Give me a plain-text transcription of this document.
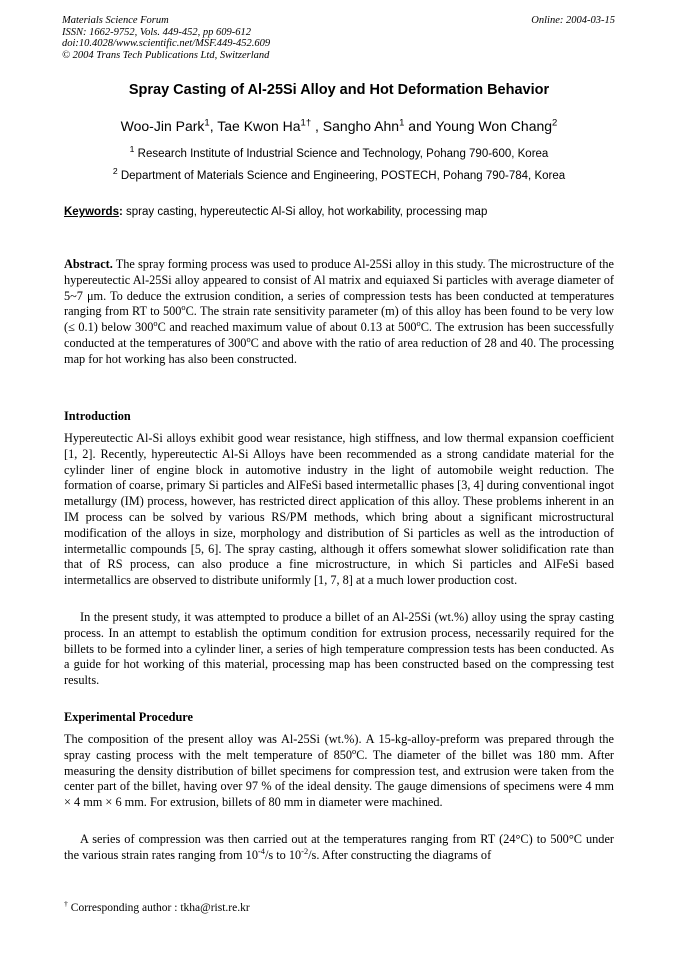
Materials Science Forum
ISSN: 1662-9752, Vols. 449-452, pp 609-612
doi:10.4028/www.scientific.net/MSF.449-452.609
© 2004 Trans Tech Publications Ltd, Switzerland
Online: 2004-03-15
Spray Casting of Al-25Si Alloy and Hot Deformation Behavior
Woo-Jin Park$^1$, Tae Kwon $Ha^{1\dagger}$ , Sangho Ahn$^1$ and Young Won Chang$^2$
$^1$ Research Institute of Industrial Science and Technology, Pohang 790-600, Korea
$^2$ Department of Materials Science and Engineering, POSTECH, Pohang 790-784, Korea
Keywords: spray casting, hypereutectic Al-Si alloy, hot workability, processing map
Abstract. The spray forming process was used to produce Al-25Si alloy in this study. The microstructure of the hypereutectic Al-25Si alloy appeared to consist of Al matrix and equiaxed Si particles with average diameter of 5~7 μm. To deduce the extrusion condition, a series of compression tests has been conducted at temperatures ranging from RT to 500$^o$C. The strain rate sensitivity parameter (m) of this alloy has been found to be very low (≤ 0.1) below 300$^o$C and reached maximum value of about 0.13 at 500$^o$C. The extrusion has been successfully conducted at the temperatures of 300$^o$C and above with the ratio of area reduction of 28 and 40. The processing map for hot working has also been constructed.
Introduction
Hypereutectic Al-Si alloys exhibit good wear resistance, high stiffness, and low thermal expansion coefficient [1, 2]. Recently, hypereutectic Al-Si Alloys have been recommended as a strong candidate material for the cylinder liner of engine block in automotive industry in the light of automobile weight reduction. The formation of coarse, primary Si particles and AlFeSi based intermetallic phases [3, 4] during conventional ingot metallurgy (IM) process, however, has restricted direct application of this alloy. These problems inherent in an IM process can be solved by various RS/PM methods, which bring about a significant microstructural modification of the alloys in size, morphology and distribution of Si particles as well as the introduction of intermetallic compounds [5, 6]. The spray casting, although it offers somewhat slower solidification rate than that of RS process, can also produce a fine microstructure, in which Si particles and AlFeSi based intermetallics are observed to distribute uniformly [1, 7, 8] at a much lower production cost.
In the present study, it was attempted to produce a billet of an Al-25Si (wt.%) alloy using the spray casting process. In an attempt to establish the optimum condition for extrusion process, necessarily required for the billets to be formed into a cylinder liner, a series of high temperature compression tests has been conducted. As a guide for hot working of this material, processing map has been constructed based on the compressing test results.
Experimental Procedure
The composition of the present alloy was Al-25Si (wt.%). A 15-kg-alloy-preform was prepared through the spray casting process with the melt temperature of 850$^o$C. The diameter of the billet was 180 mm. After measuring the density distribution of billet specimens for compression test, and extrusion were taken from the center part of the billet, having over 97 % of the ideal density. The gauge dimensions of specimens were 4 mm × 4 mm × 6 mm. For extrusion, billets of 80 mm in diameter were machined.
A series of compression was then carried out at the temperatures ranging from RT (24°C) to 500°C under the various strain rates ranging from $10^{-4}/s$ to $10^{-2}/s$. After constructing the diagrams of
† Corresponding author : tkha@rist.re.kr
